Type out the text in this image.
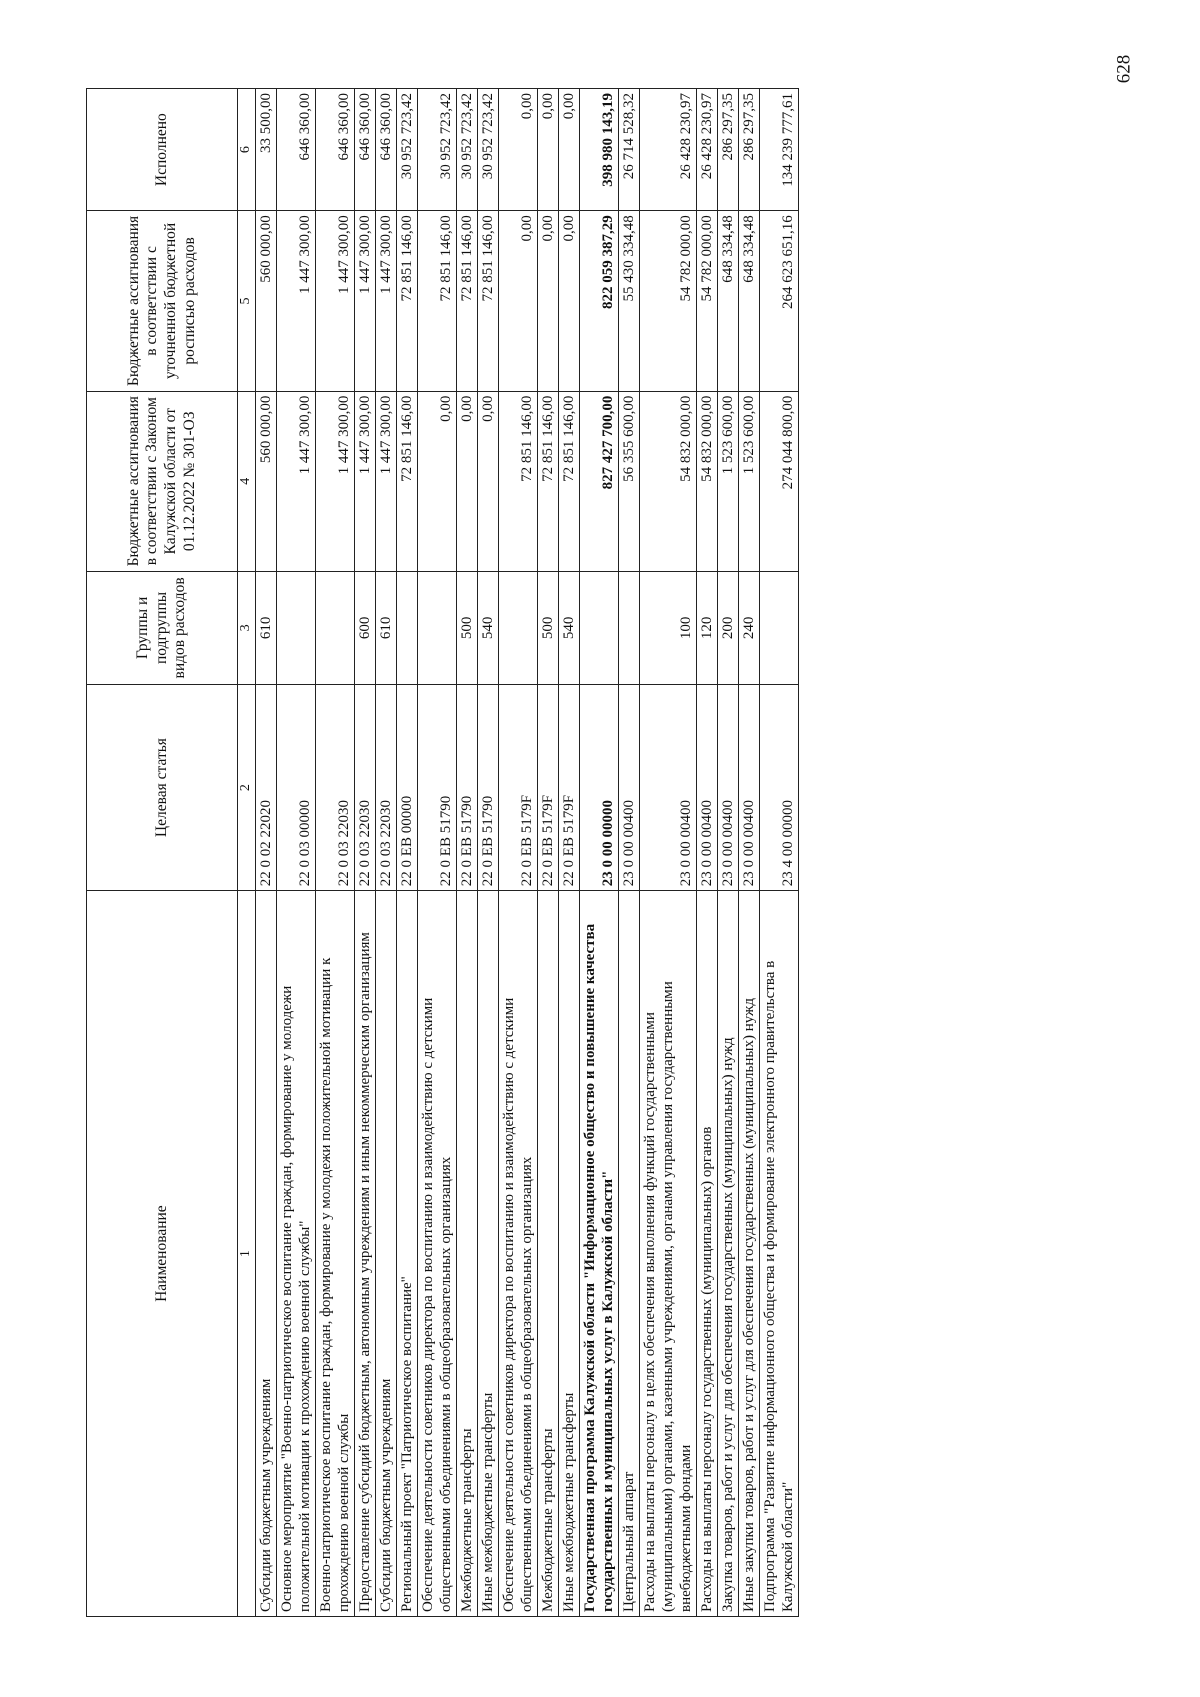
628
Наименование	Целевая статья	Группы и подгруппы видов расходов	Бюджетные ассигнования в соответствии с Законом Калужской области от 01.12.2022 № 301-ОЗ	Бюджетные ассигнования в соответствии с уточненной бюджетной росписью расходов	Исполнено
1	2	3	4	5	6
Субсидии бюджетным учреждениям	22 0 02 22020	610	560 000,00	560 000,00	33 500,00
Основное мероприятие "Военно-патриотическое воспитание граждан, формирование у молодежи положительной мотивации к прохождению военной службы"	22 0 03 00000		1 447 300,00	1 447 300,00	646 360,00
Военно-патриотическое воспитание граждан, формирование у молодежи положительной мотивации к прохождению военной службы	22 0 03 22030		1 447 300,00	1 447 300,00	646 360,00
Предоставление субсидий бюджетным, автономным учреждениям и иным некоммерческим организациям	22 0 03 22030	600	1 447 300,00	1 447 300,00	646 360,00
Субсидии бюджетным учреждениям	22 0 03 22030	610	1 447 300,00	1 447 300,00	646 360,00
Региональный проект "Патриотическое воспитание"	22 0 EB 00000		72 851 146,00	72 851 146,00	30 952 723,42
Обеспечение деятельности советников директора по воспитанию и взаимодействию с детскими общественными объединениями в общеобразовательных организациях	22 0 EB 51790		0,00	72 851 146,00	30 952 723,42
Межбюджетные трансферты	22 0 EB 51790	500	0,00	72 851 146,00	30 952 723,42
Иные межбюджетные трансферты	22 0 EB 51790	540	0,00	72 851 146,00	30 952 723,42
Обеспечение деятельности советников директора по воспитанию и взаимодействию с детскими общественными объединениями в общеобразовательных организациях	22 0 EB 5179F		72 851 146,00	0,00	0,00
Межбюджетные трансферты	22 0 EB 5179F	500	72 851 146,00	0,00	0,00
Иные межбюджетные трансферты	22 0 EB 5179F	540	72 851 146,00	0,00	0,00
Государственная программа Калужской области "Информационное общество и повышение качества государственных и муниципальных услуг в Калужской области"	23 0 00 00000		827 427 700,00	822 059 387,29	398 980 143,19
Центральный аппарат	23 0 00 00400		56 355 600,00	55 430 334,48	26 714 528,32
Расходы на выплаты персоналу в целях обеспечения выполнения функций государственными (муниципальными) органами, казенными учреждениями, органами управления государственными внебюджетными фондами	23 0 00 00400	100	54 832 000,00	54 782 000,00	26 428 230,97
Расходы на выплаты персоналу государственных (муниципальных) органов	23 0 00 00400	120	54 832 000,00	54 782 000,00	26 428 230,97
Закупка товаров, работ и услуг для обеспечения государственных (муниципальных) нужд	23 0 00 00400	200	1 523 600,00	648 334,48	286 297,35
Иные закупки товаров, работ и услуг для обеспечения государственных (муниципальных) нужд	23 0 00 00400	240	1 523 600,00	648 334,48	286 297,35
Подпрограмма "Развитие информационного общества и формирование электронного правительства в Калужской области"	23 4 00 00000		274 044 800,00	264 623 651,16	134 239 777,61
